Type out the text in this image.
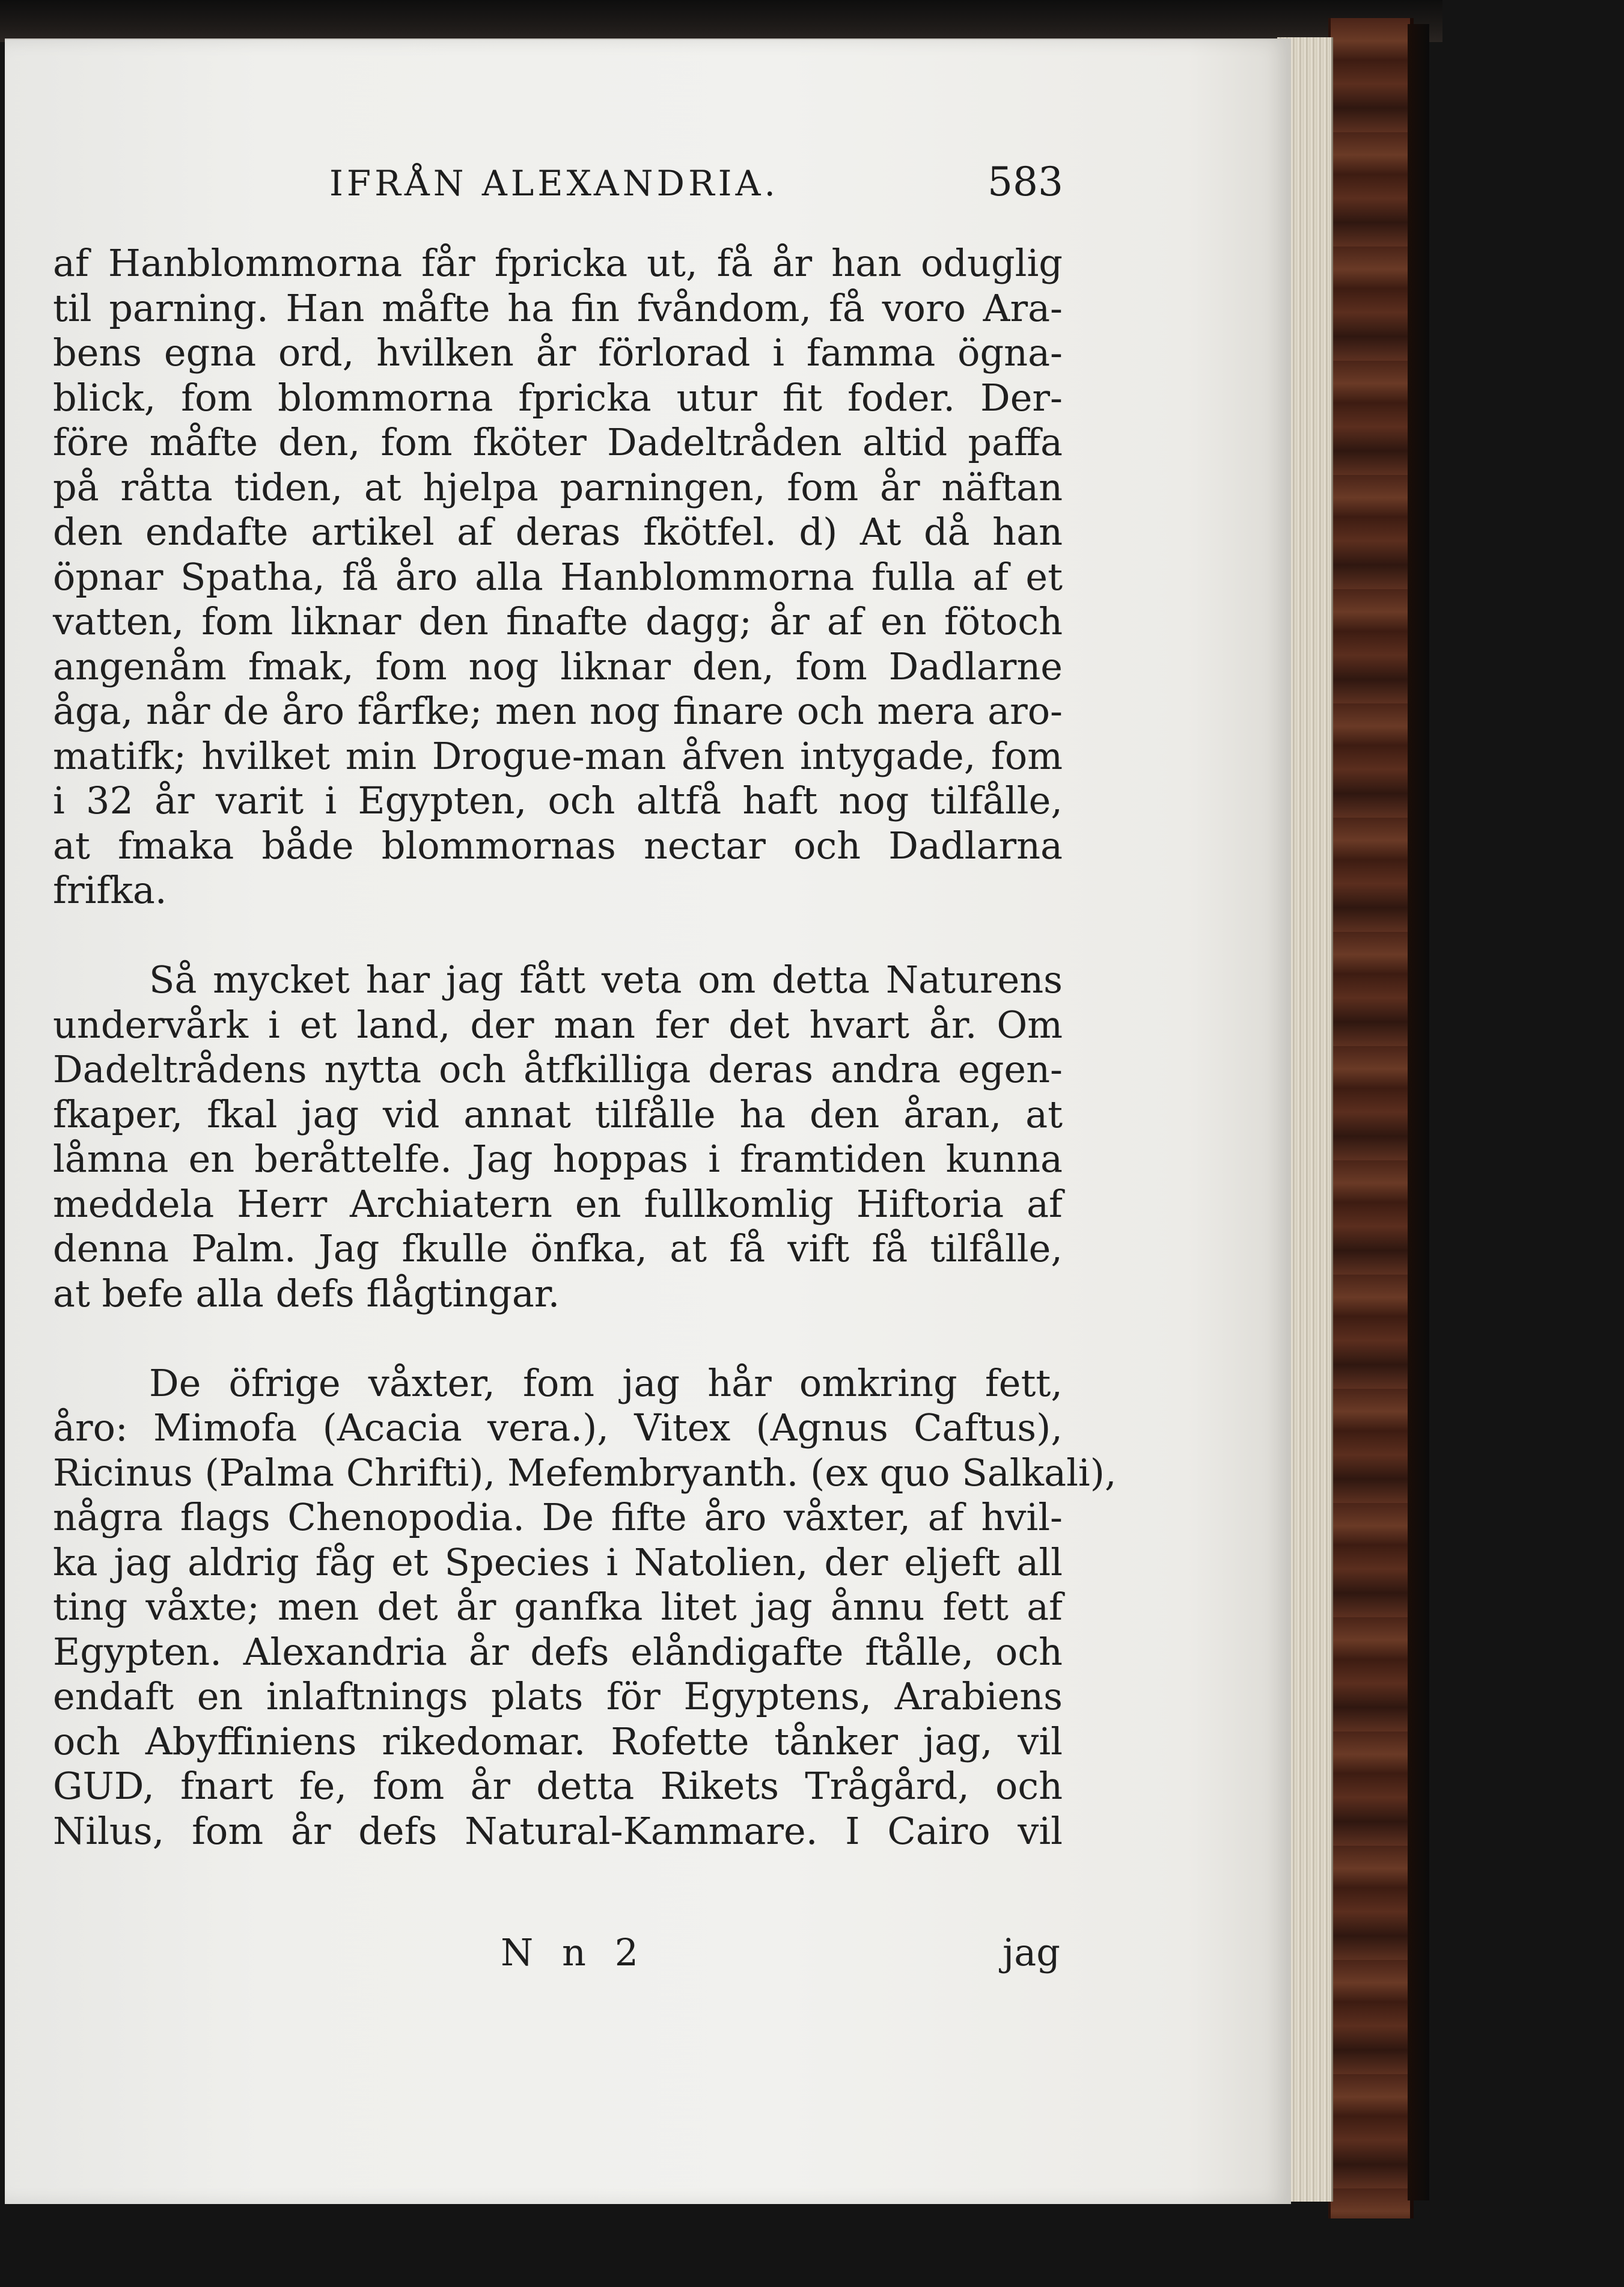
IFRÅN ALEXANDRIA.	583
af Hanblommorna får fpricka ut, få år han oduglig
til parning. Han måfte ha fin fvåndom, få voro Ara-
bens egna ord, hvilken år förlorad i famma ögna-
blick, fom blommorna fpricka utur fit foder. Der-
före måfte den, fom fköter Dadeltråden altid paffa
på råtta tiden, at hjelpa parningen, fom år näftan
den endafte artikel af deras fkötfel. d) At då han
öpnar Spatha, få åro alla Hanblommorna fulla af et
vatten, fom liknar den finafte dagg; år af en fötoch
angenåm fmak, fom nog liknar den, fom Dadlarne
åga, når de åro fårfke; men nog finare och mera aro-
matifk; hvilket min Drogue-man åfven intygade, fom
i 32 år varit i Egypten, och altfå haft nog tilfålle,
at fmaka både blommornas nectar och Dadlarna
frifka.
Så mycket har jag fått veta om detta Naturens
undervårk i et land, der man fer det hvart år. Om
Dadeltrådens nytta och åtfkilliga deras andra egen-
fkaper, fkal jag vid annat tilfålle ha den åran, at
låmna en beråttelfe. Jag hoppas i framtiden kunna
meddela Herr Archiatern en fullkomlig Hiftoria af
denna Palm. Jag fkulle önfka, at få vift få tilfålle,
at befe alla defs flågtingar.
De öfrige våxter, fom jag hår omkring fett,
åro: Mimofa (Acacia vera.), Vitex (Agnus Caftus),
Ricinus (Palma Chrifti), Mefembryanth. (ex quo Salkali),
några flags Chenopodia. De fifte åro våxter, af hvil-
ka jag aldrig fåg et Species i Natolien, der eljeft all
ting våxte; men det år ganfka litet jag ånnu fett af
Egypten. Alexandria år defs elåndigafte ftålle, och
endaft en inlaftnings plats för Egyptens, Arabiens
och Abyffiniens rikedomar. Rofette tånker jag, vil
GUD, fnart fe, fom år detta Rikets Trågård, och
Nilus, fom år defs Natural-Kammare. I Cairo vil
N n 2	jag
